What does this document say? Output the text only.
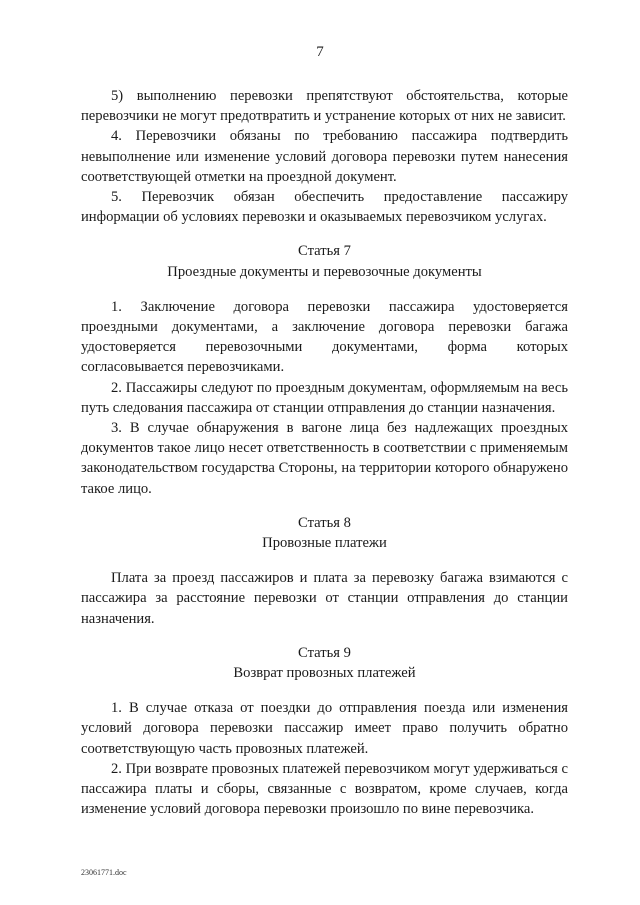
7

5) выполнению перевозки препятствуют обстоятельства, которые перевозчики не могут предотвратить и устранение которых от них не зависит.

4. Перевозчики обязаны по требованию пассажира подтвердить невыполнение или изменение условий договора перевозки путем нанесения соответствующей отметки на проездной документ.

5. Перевозчик обязан обеспечить предоставление пассажиру информации об условиях перевозки и оказываемых перевозчиком услугах.

Статья 7
Проездные документы и перевозочные документы

1. Заключение договора перевозки пассажира удостоверяется проездными документами, а заключение договора перевозки багажа удостоверяется перевозочными документами, форма которых согласовывается перевозчиками.

2. Пассажиры следуют по проездным документам, оформляемым на весь путь следования пассажира от станции отправления до станции назначения.

3. В случае обнаружения в вагоне лица без надлежащих проездных документов такое лицо несет ответственность в соответствии с применяемым законодательством государства Стороны, на территории которого обнаружено такое лицо.

Статья 8
Провозные платежи

Плата за проезд пассажиров и плата за перевозку багажа взимаются с пассажира за расстояние перевозки от станции отправления до станции назначения.

Статья 9
Возврат провозных платежей

1. В случае отказа от поездки до отправления поезда или изменения условий договора перевозки пассажир имеет право получить обратно соответствующую часть провозных платежей.

2. При возврате провозных платежей перевозчиком могут удерживаться с пассажира платы и сборы, связанные с возвратом, кроме случаев, когда изменение условий договора перевозки произошло по вине перевозчика.

23061771.doc
